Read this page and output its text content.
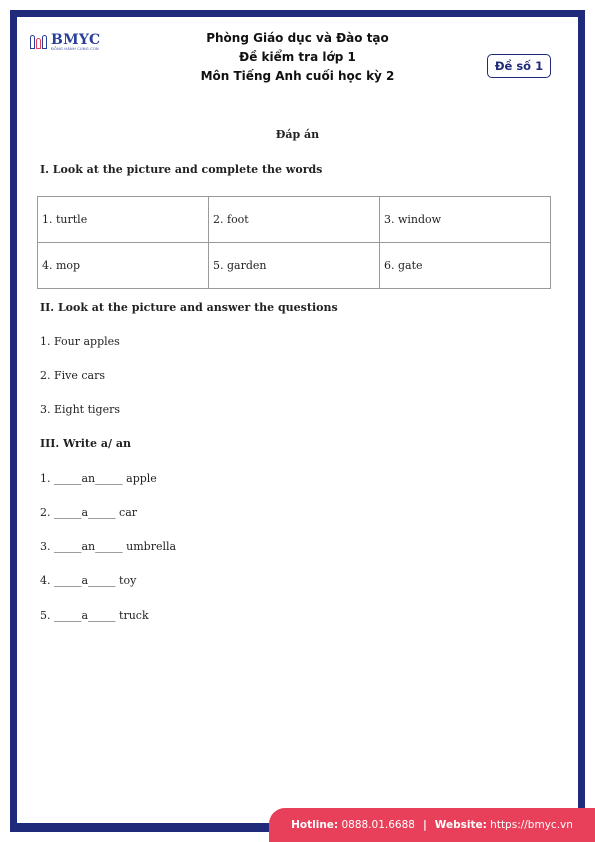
BMYC
ĐỒNG HÀNH CÙNG CON
Phòng Giáo dục và Đào tạo
Đề kiểm tra lớp 1
Môn Tiếng Anh cuối học kỳ 2
Đề số 1
Đáp án
I. Look at the picture and complete the words
1. turtle	2. foot	3. window
4. mop	5. garden	6. gate
II. Look at the picture and answer the questions
1. Four apples
2. Five cars
3. Eight tigers
III. Write a/ an
1. _____an_____ apple
2. _____a_____ car
3. _____an_____ umbrella
4. _____a_____ toy
5. _____a_____ truck
Hotline:
0888.01.6688 | Website:
https://bmyc.vn
